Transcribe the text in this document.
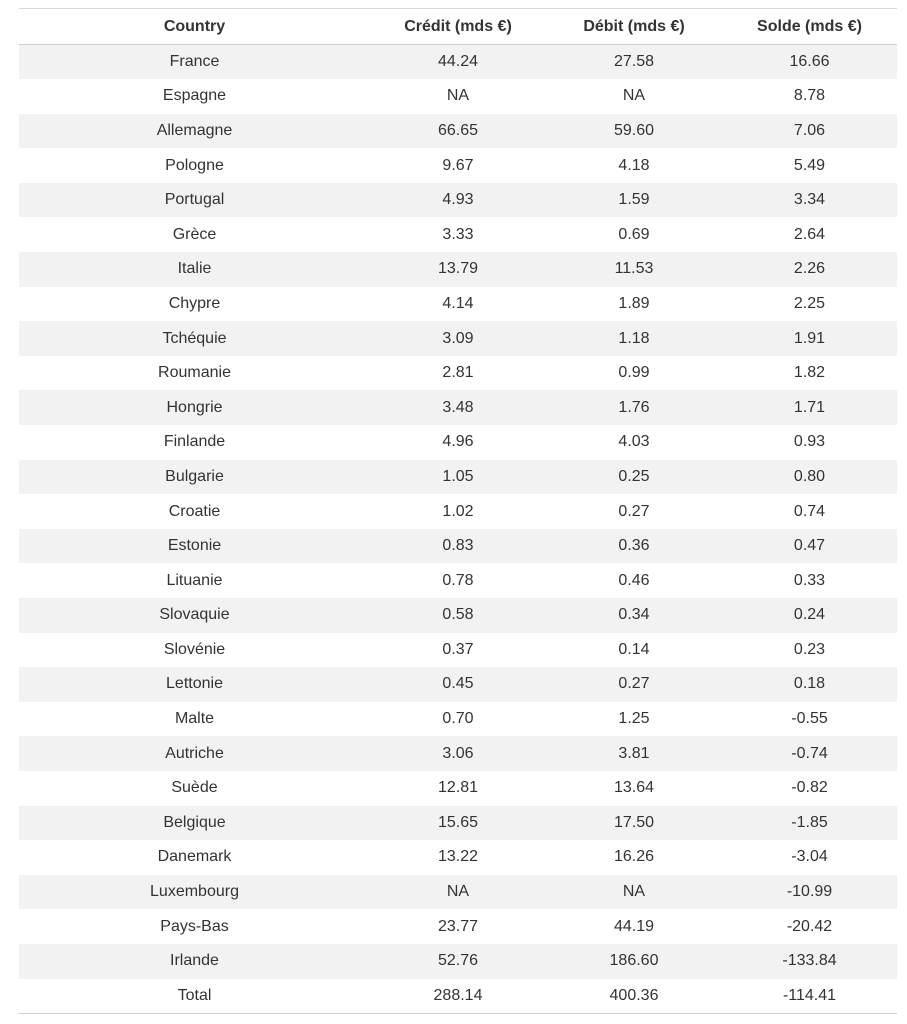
Country	Crédit (mds €)	Débit (mds €)	Solde (mds €)
France	44.24	27.58	16.66
Espagne	NA	NA	8.78
Allemagne	66.65	59.60	7.06
Pologne	9.67	4.18	5.49
Portugal	4.93	1.59	3.34
Grèce	3.33	0.69	2.64
Italie	13.79	11.53	2.26
Chypre	4.14	1.89	2.25
Tchéquie	3.09	1.18	1.91
Roumanie	2.81	0.99	1.82
Hongrie	3.48	1.76	1.71
Finlande	4.96	4.03	0.93
Bulgarie	1.05	0.25	0.80
Croatie	1.02	0.27	0.74
Estonie	0.83	0.36	0.47
Lituanie	0.78	0.46	0.33
Slovaquie	0.58	0.34	0.24
Slovénie	0.37	0.14	0.23
Lettonie	0.45	0.27	0.18
Malte	0.70	1.25	-0.55
Autriche	3.06	3.81	-0.74
Suède	12.81	13.64	-0.82
Belgique	15.65	17.50	-1.85
Danemark	13.22	16.26	-3.04
Luxembourg	NA	NA	-10.99
Pays-Bas	23.77	44.19	-20.42
Irlande	52.76	186.60	-133.84
Total	288.14	400.36	-114.41
